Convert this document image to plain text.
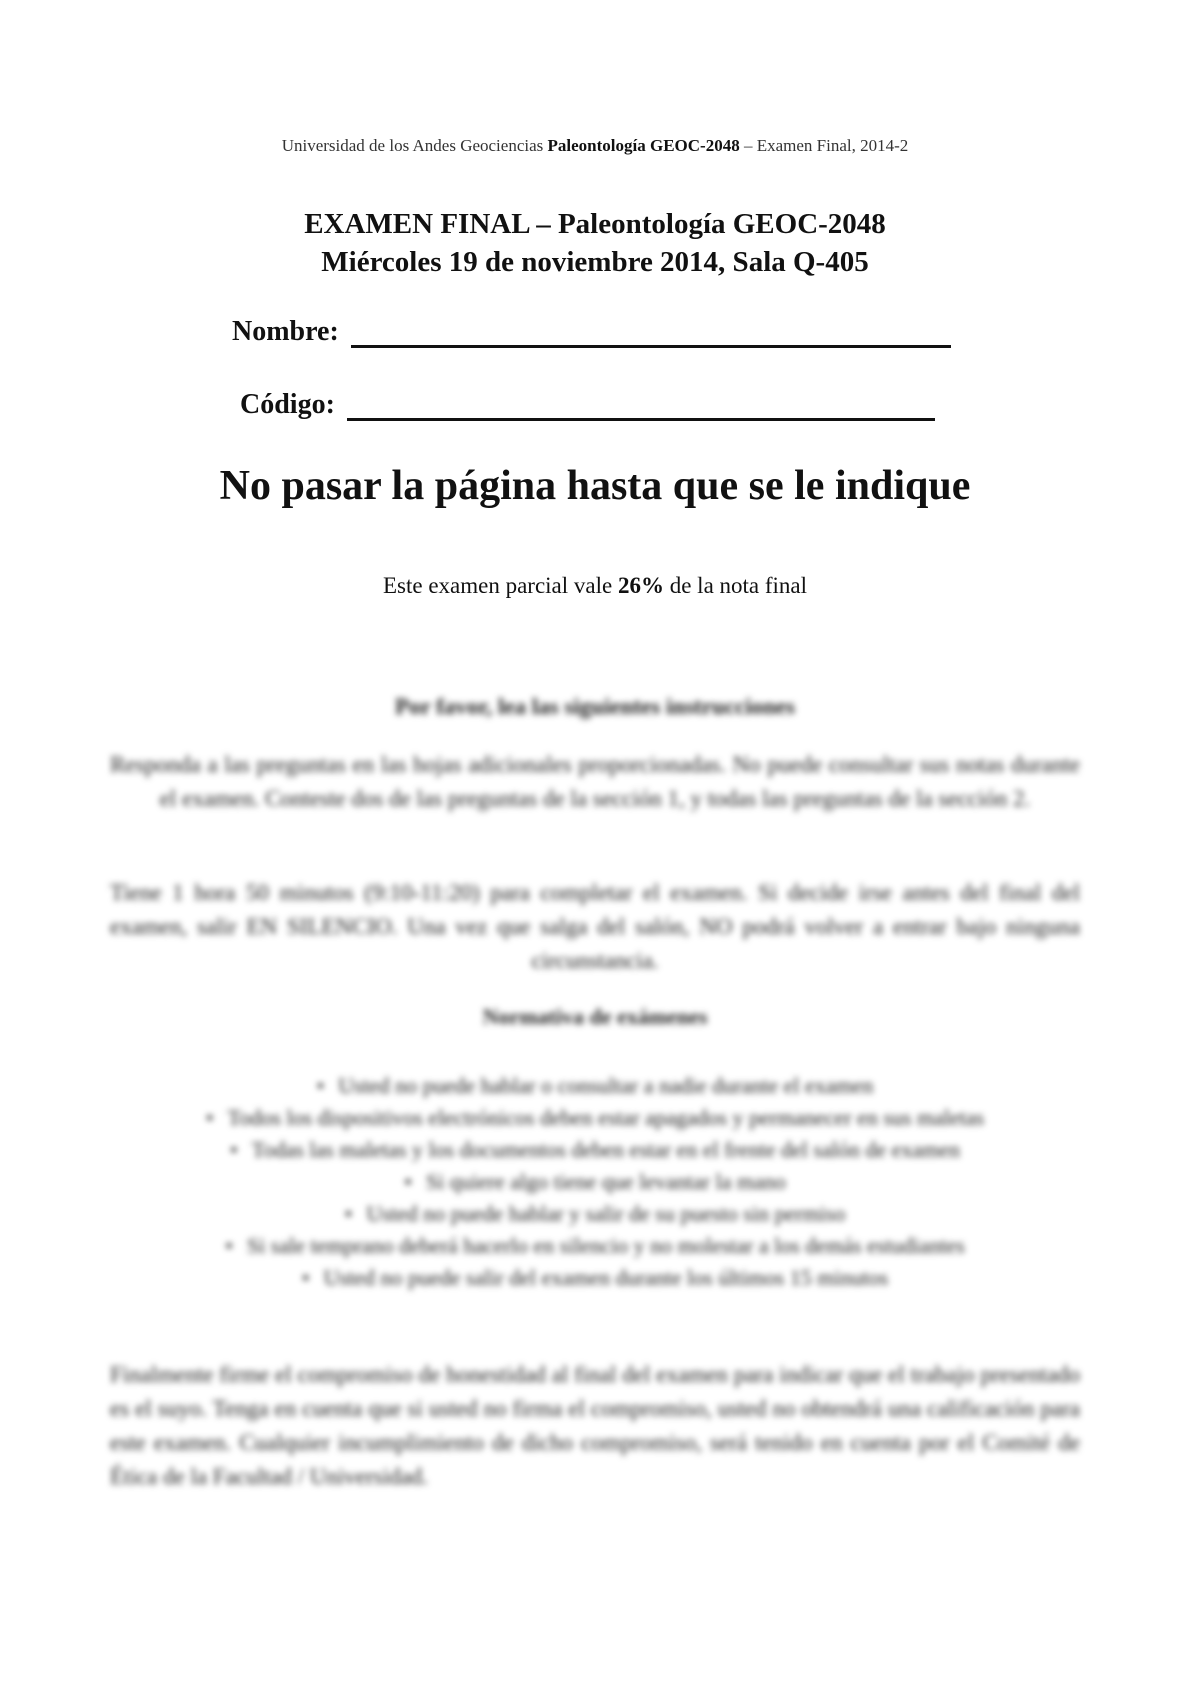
Universidad de los Andes Geociencias Paleontología GEOC-2048 – Examen Final, 2014-2
EXAMEN FINAL – Paleontología GEOC-2048
Miércoles 19 de noviembre 2014, Sala Q-405
Nombre:
Código:
No pasar la página hasta que se le indique
Este examen parcial vale 26% de la nota final
Por favor, lea las siguientes instrucciones
Responda a las preguntas en las hojas adicionales proporcionadas. No puede consultar sus notas durante el examen. Conteste dos de las preguntas de la sección 1, y todas las preguntas de la sección 2.
Tiene 1 hora 50 minutos (9:10-11:20) para completar el examen. Si decide irse antes del final del examen, salir EN SILENCIO. Una vez que salga del salón, NO podrá volver a entrar bajo ninguna circunstancia.
Normativa de exámenes
• Usted no puede hablar o consultar a nadie durante el examen
• Todos los dispositivos electrónicos deben estar apagados y permanecer en sus maletas
• Todas las maletas y los documentos deben estar en el frente del salón de examen
• Si quiere algo tiene que levantar la mano
• Usted no puede hablar y salir de su puesto sin permiso
• Si sale temprano deberá hacerlo en silencio y no molestar a los demás estudiantes
• Usted no puede salir del examen durante los últimos 15 minutos
Finalmente firme el compromiso de honestidad al final del examen para indicar que el trabajo presentado es el suyo. Tenga en cuenta que si usted no firma el compromiso, usted no obtendrá una calificación para este examen. Cualquier incumplimiento de dicho compromiso, será tenido en cuenta por el Comité de Ética de la Facultad / Universidad.
